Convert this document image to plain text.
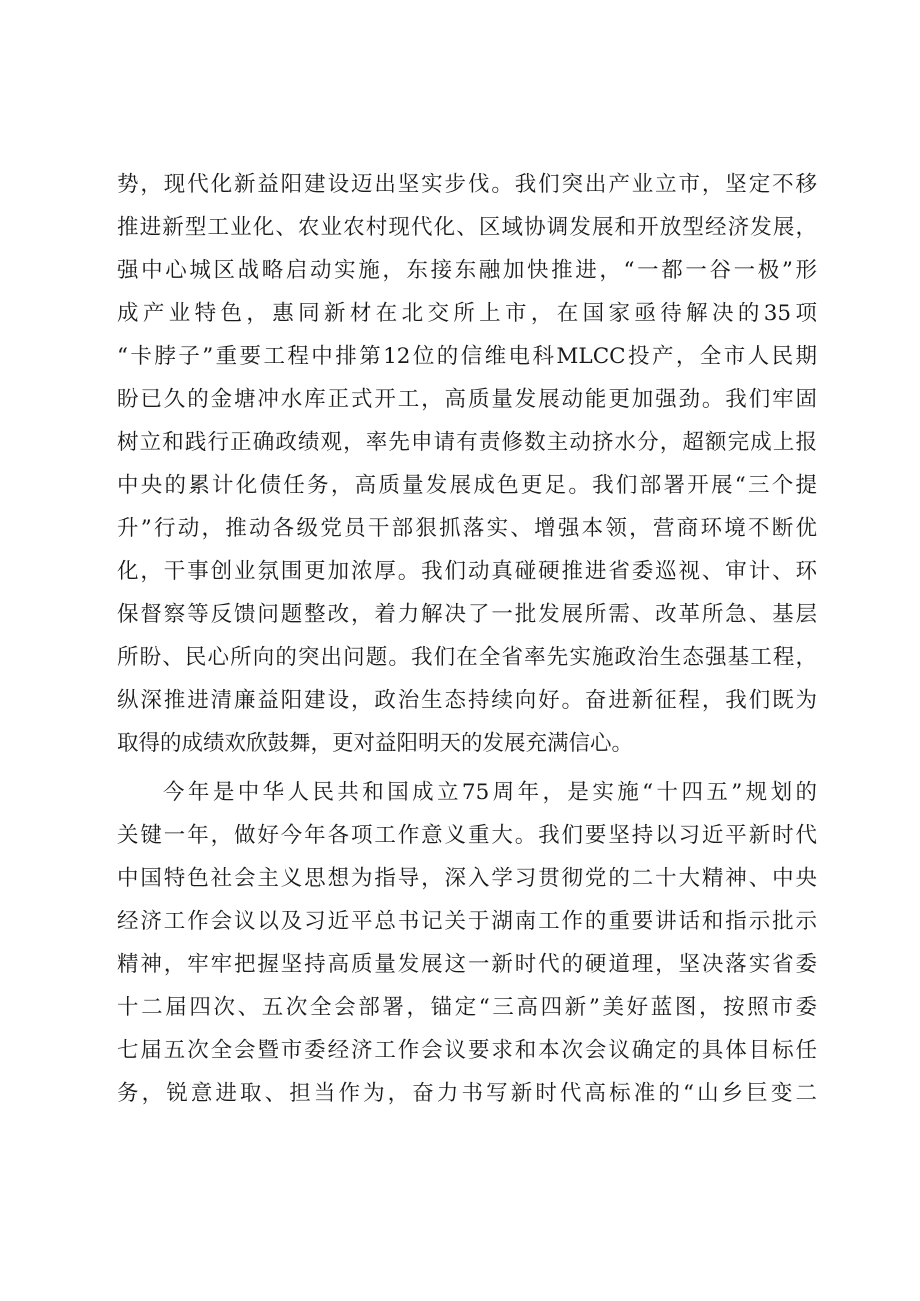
势，现代化新益阳建设迈出坚实步伐。我们突出产业立市，坚定不移
推进新型工业化、农业农村现代化、区域协调发展和开放型经济发展，
强中心城区战略启动实施，东接东融加快推进，“一都一谷一极”形
成产业特色，惠同新材在北交所上市，在国家亟待解决的35项
“卡脖子”重要工程中排第12位的信维电科MLCC投产，全市人民期
盼已久的金塘冲水库正式开工，高质量发展动能更加强劲。我们牢固
树立和践行正确政绩观，率先申请有责修数主动挤水分，超额完成上报
中央的累计化债任务，高质量发展成色更足。我们部署开展“三个提
升”行动，推动各级党员干部狠抓落实、增强本领，营商环境不断优
化，干事创业氛围更加浓厚。我们动真碰硬推进省委巡视、审计、环
保督察等反馈问题整改，着力解决了一批发展所需、改革所急、基层
所盼、民心所向的突出问题。我们在全省率先实施政治生态强基工程，
纵深推进清廉益阳建设，政治生态持续向好。奋进新征程，我们既为
取得的成绩欢欣鼓舞，更对益阳明天的发展充满信心。
今年是中华人民共和国成立75周年，是实施“十四五”规划的
关键一年，做好今年各项工作意义重大。我们要坚持以习近平新时代
中国特色社会主义思想为指导，深入学习贯彻党的二十大精神、中央
经济工作会议以及习近平总书记关于湖南工作的重要讲话和指示批示
精神，牢牢把握坚持高质量发展这一新时代的硬道理，坚决落实省委
十二届四次、五次全会部署，锚定“三高四新”美好蓝图，按照市委
七届五次全会暨市委经济工作会议要求和本次会议确定的具体目标任
务，锐意进取、担当作为，奋力书写新时代高标准的“山乡巨变二
